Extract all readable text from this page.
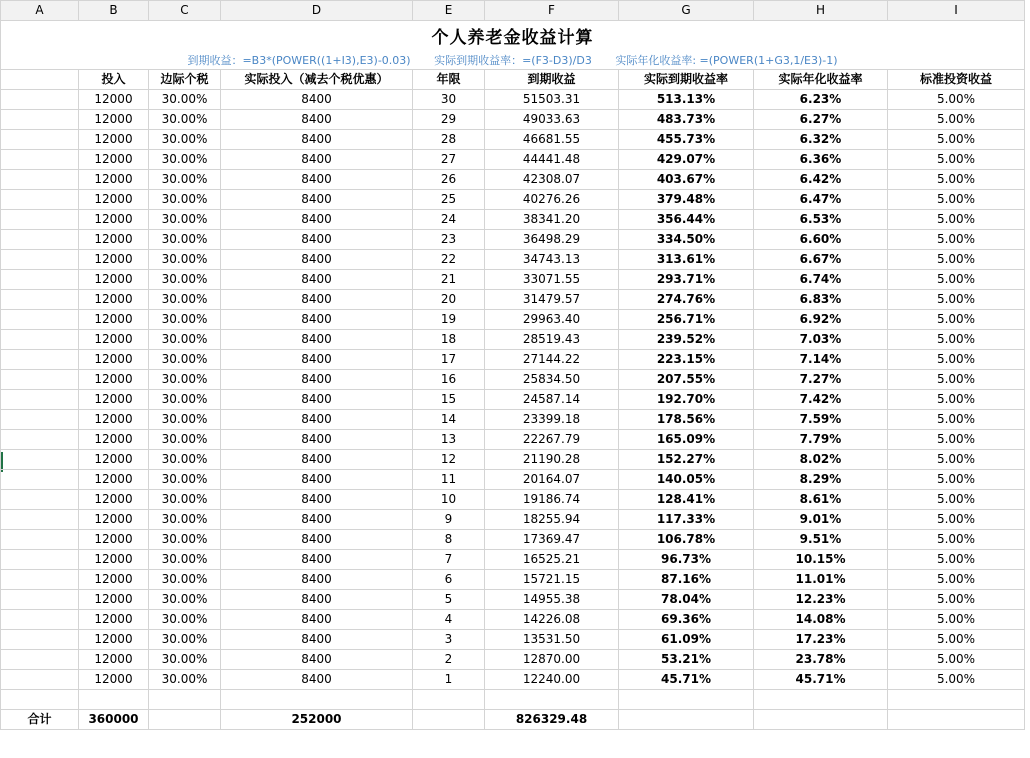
A	B	C	D	E	F	G	H	I

个人养老金收益计算
到期收益：=B3*(POWER((1+I3),E3)-0.03) 实际到期收益率：=(F3-D3)/D3 实际年化收益率: =(POWER(1+G3,1/E3)-1)								

	投入	边际个税	实际投入（减去个税优惠）	年限	到期收益	实际到期收益率	实际年化收益率	标准投资收益
	12000	30.00%	8400	30	51503.31	513.13%	6.23%	5.00%
	12000	30.00%	8400	29	49033.63	483.73%	6.27%	5.00%
	12000	30.00%	8400	28	46681.55	455.73%	6.32%	5.00%
	12000	30.00%	8400	27	44441.48	429.07%	6.36%	5.00%
	12000	30.00%	8400	26	42308.07	403.67%	6.42%	5.00%
	12000	30.00%	8400	25	40276.26	379.48%	6.47%	5.00%
	12000	30.00%	8400	24	38341.20	356.44%	6.53%	5.00%
	12000	30.00%	8400	23	36498.29	334.50%	6.60%	5.00%
	12000	30.00%	8400	22	34743.13	313.61%	6.67%	5.00%
	12000	30.00%	8400	21	33071.55	293.71%	6.74%	5.00%
	12000	30.00%	8400	20	31479.57	274.76%	6.83%	5.00%
	12000	30.00%	8400	19	29963.40	256.71%	6.92%	5.00%
	12000	30.00%	8400	18	28519.43	239.52%	7.03%	5.00%
	12000	30.00%	8400	17	27144.22	223.15%	7.14%	5.00%
	12000	30.00%	8400	16	25834.50	207.55%	7.27%	5.00%
	12000	30.00%	8400	15	24587.14	192.70%	7.42%	5.00%
	12000	30.00%	8400	14	23399.18	178.56%	7.59%	5.00%
	12000	30.00%	8400	13	22267.79	165.09%	7.79%	5.00%
	12000	30.00%	8400	12	21190.28	152.27%	8.02%	5.00%
	12000	30.00%	8400	11	20164.07	140.05%	8.29%	5.00%
	12000	30.00%	8400	10	19186.74	128.41%	8.61%	5.00%
	12000	30.00%	8400	9	18255.94	117.33%	9.01%	5.00%
	12000	30.00%	8400	8	17369.47	106.78%	9.51%	5.00%
	12000	30.00%	8400	7	16525.21	96.73%	10.15%	5.00%
	12000	30.00%	8400	6	15721.15	87.16%	11.01%	5.00%
	12000	30.00%	8400	5	14955.38	78.04%	12.23%	5.00%
	12000	30.00%	8400	4	14226.08	69.36%	14.08%	5.00%
	12000	30.00%	8400	3	13531.50	61.09%	17.23%	5.00%
	12000	30.00%	8400	2	12870.00	53.21%	23.78%	5.00%
	12000	30.00%	8400	1	12240.00	45.71%	45.71%	5.00%

合计	360000		252000		826329.48			
